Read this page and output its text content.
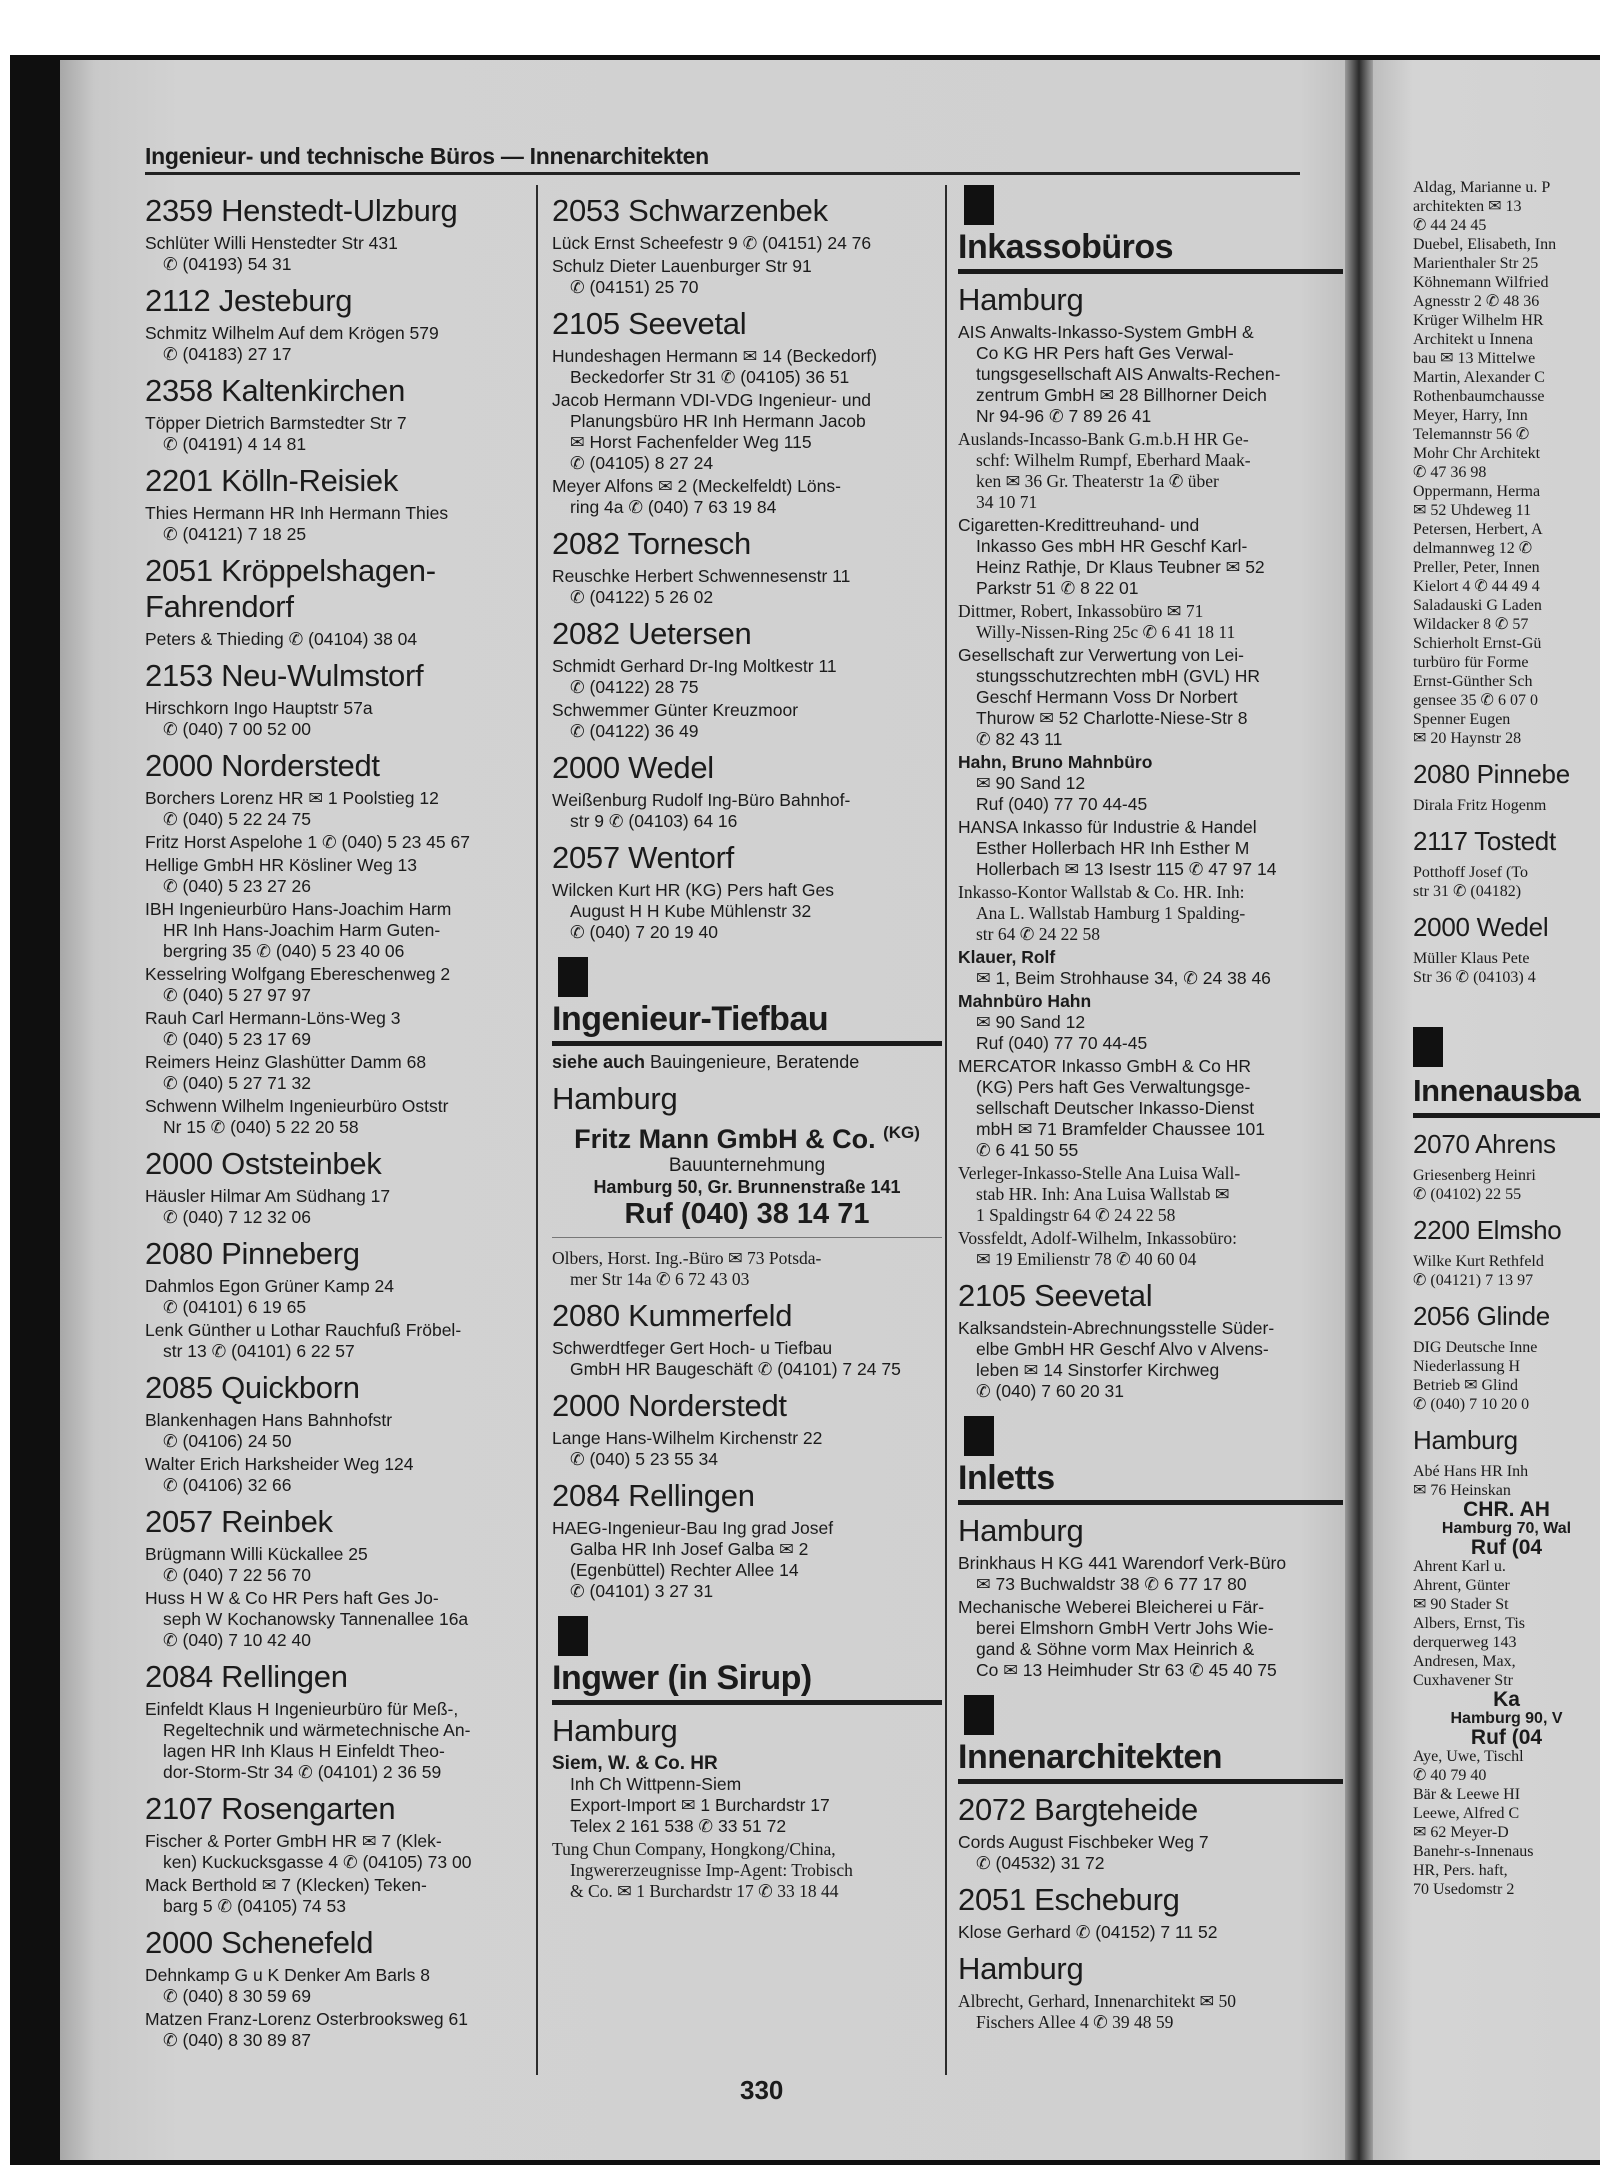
Ingenieur- und technische Büros — Innenarchitekten
2359 Henstedt-Ulzburg
Schlüter Willi Henstedter Str 431
✆ (04193) 54 31
2112 Jesteburg
Schmitz Wilhelm Auf dem Krögen 579
✆ (04183) 27 17
2358 Kaltenkirchen
Töpper Dietrich Barmstedter Str 7
✆ (04191) 4 14 81
2201 Kölln-Reisiek
Thies Hermann HR Inh Hermann Thies
✆ (04121) 7 18 25
2051 Kröppelshagen-Fahrendorf
Peters & Thieding ✆ (04104) 38 04
2153 Neu-Wulmstorf
Hirschkorn Ingo Hauptstr 57a
✆ (040) 7 00 52 00
2000 Norderstedt
Borchers Lorenz HR ✉ 1 Poolstieg 12
✆ (040) 5 22 24 75
Fritz Horst Aspelohe 1 ✆ (040) 5 23 45 67
Hellige GmbH HR Kösliner Weg 13
✆ (040) 5 23 27 26
IBH Ingenieurbüro Hans-Joachim Harm
HR Inh Hans-Joachim Harm Guten-
bergring 35 ✆ (040) 5 23 40 06
Kesselring Wolfgang Ebereschenweg 2
✆ (040) 5 27 97 97
Rauh Carl Hermann-Löns-Weg 3
✆ (040) 5 23 17 69
Reimers Heinz Glashütter Damm 68
✆ (040) 5 27 71 32
Schwenn Wilhelm Ingenieurbüro Oststr
Nr 15 ✆ (040) 5 22 20 58
2000 Oststeinbek
Häusler Hilmar Am Südhang 17
✆ (040) 7 12 32 06
2080 Pinneberg
Dahmlos Egon Grüner Kamp 24
✆ (04101) 6 19 65
Lenk Günther u Lothar Rauchfuß Fröbel-
str 13 ✆ (04101) 6 22 57
2085 Quickborn
Blankenhagen Hans Bahnhofstr
✆ (04106) 24 50
Walter Erich Harksheider Weg 124
✆ (04106) 32 66
2057 Reinbek
Brügmann Willi Kückallee 25
✆ (040) 7 22 56 70
Huss H W & Co HR Pers haft Ges Jo-
seph W Kochanowsky Tannenallee 16a
✆ (040) 7 10 42 40
2084 Rellingen
Einfeldt Klaus H Ingenieurbüro für Meß-,
Regeltechnik und wärmetechnische An-
lagen HR Inh Klaus H Einfeldt Theo-
dor-Storm-Str 34 ✆ (04101) 2 36 59
2107 Rosengarten
Fischer & Porter GmbH HR ✉ 7 (Klek-
ken) Kuckucksgasse 4 ✆ (04105) 73 00
Mack Berthold ✉ 7 (Klecken) Teken-
barg 5 ✆ (04105) 74 53
2000 Schenefeld
Dehnkamp G u K Denker Am Barls 8
✆ (040) 8 30 59 69
Matzen Franz-Lorenz Osterbrooksweg 61
✆ (040) 8 30 89 87
2053 Schwarzenbek
Lück Ernst Scheefestr 9 ✆ (04151) 24 76
Schulz Dieter Lauenburger Str 91
✆ (04151) 25 70
2105 Seevetal
Hundeshagen Hermann ✉ 14 (Beckedorf)
Beckedorfer Str 31 ✆ (04105) 36 51
Jacob Hermann VDI-VDG Ingenieur- und
Planungsbüro HR Inh Hermann Jacob
✉ Horst Fachenfelder Weg 115
✆ (04105) 8 27 24
Meyer Alfons ✉ 2 (Meckelfeldt) Löns-
ring 4a ✆ (040) 7 63 19 84
2082 Tornesch
Reuschke Herbert Schwennesenstr 11
✆ (04122) 5 26 02
2082 Uetersen
Schmidt Gerhard Dr-Ing Moltkestr 11
✆ (04122) 28 75
Schwemmer Günter Kreuzmoor
✆ (04122) 36 49
2000 Wedel
Weißenburg Rudolf Ing-Büro Bahnhof-
str 9 ✆ (04103) 64 16
2057 Wentorf
Wilcken Kurt HR (KG) Pers haft Ges
August H H Kube Mühlenstr 32
✆ (040) 7 20 19 40
Ingenieur-Tiefbau
siehe auch Bauingenieure, Beratende
Hamburg
Fritz Mann GmbH & Co. $^{(KG)}$
Bauunternehmung
Hamburg 50, Gr. Brunnenstraße 141
Ruf (040) 38 14 71
Olbers, Horst. Ing.-Büro ✉ 73 Potsda-
mer Str 14a ✆ 6 72 43 03
2080 Kummerfeld
Schwerdtfeger Gert Hoch- u Tiefbau
GmbH HR Baugeschäft ✆ (04101) 7 24 75
2000 Norderstedt
Lange Hans-Wilhelm Kirchenstr 22
✆ (040) 5 23 55 34
2084 Rellingen
HAEG-Ingenieur-Bau Ing grad Josef
Galba HR Inh Josef Galba ✉ 2
(Egenbüttel) Rechter Allee 14
✆ (04101) 3 27 31
Ingwer (in Sirup)
Hamburg
Siem, W. & Co. HR
Inh Ch Wittpenn-Siem
Export-Import ✉ 1 Burchardstr 17
Telex 2 161 538 ✆ 33 51 72
Tung Chun Company, Hongkong/China,
Ingwererzeugnisse Imp-Agent: Trobisch
& Co. ✉ 1 Burchardstr 17 ✆ 33 18 44
Inkassobüros
Hamburg
AIS Anwalts-Inkasso-System GmbH &
Co KG HR Pers haft Ges Verwal-
tungsgesellschaft AIS Anwalts-Rechen-
zentrum GmbH ✉ 28 Billhorner Deich
Nr 94-96 ✆ 7 89 26 41
Auslands-Incasso-Bank G.m.b.H HR Ge-
schf: Wilhelm Rumpf, Eberhard Maak-
ken ✉ 36 Gr. Theaterstr 1a ✆ über
34 10 71
Cigaretten-Kredittreuhand- und
Inkasso Ges mbH HR Geschf Karl-
Heinz Rathje, Dr Klaus Teubner ✉ 52
Parkstr 51 ✆ 8 22 01
Dittmer, Robert, Inkassobüro ✉ 71
Willy-Nissen-Ring 25c ✆ 6 41 18 11
Gesellschaft zur Verwertung von Lei-
stungsschutzrechten mbH (GVL) HR
Geschf Hermann Voss Dr Norbert
Thurow ✉ 52 Charlotte-Niese-Str 8
✆ 82 43 11
Hahn, Bruno Mahnbüro
✉ 90 Sand 12
Ruf (040) 77 70 44-45
HANSA Inkasso für Industrie & Handel
Esther Hollerbach HR Inh Esther M
Hollerbach ✉ 13 Isestr 115 ✆ 47 97 14
Inkasso-Kontor Wallstab & Co. HR. Inh:
Ana L. Wallstab Hamburg 1 Spalding-
str 64 ✆ 24 22 58
Klauer, Rolf
✉ 1, Beim Strohhause 34, ✆ 24 38 46
Mahnbüro Hahn
✉ 90 Sand 12
Ruf (040) 77 70 44-45
MERCATOR Inkasso GmbH & Co HR
(KG) Pers haft Ges Verwaltungsge-
sellschaft Deutscher Inkasso-Dienst
mbH ✉ 71 Bramfelder Chaussee 101
✆ 6 41 50 55
Verleger-Inkasso-Stelle Ana Luisa Wall-
stab HR. Inh: Ana Luisa Wallstab ✉
1 Spaldingstr 64 ✆ 24 22 58
Vossfeldt, Adolf-Wilhelm, Inkassobüro:
✉ 19 Emilienstr 78 ✆ 40 60 04
2105 Seevetal
Kalksandstein-Abrechnungsstelle Süder-
elbe GmbH HR Geschf Alvo v Alvens-
leben ✉ 14 Sinstorfer Kirchweg
✆ (040) 7 60 20 31
Inletts
Hamburg
Brinkhaus H KG 441 Warendorf Verk-Büro
✉ 73 Buchwaldstr 38 ✆ 6 77 17 80
Mechanische Weberei Bleicherei u Fär-
berei Elmshorn GmbH Vertr Johs Wie-
gand & Söhne vorm Max Heinrich &
Co ✉ 13 Heimhuder Str 63 ✆ 45 40 75
Innenarchitekten
2072 Bargteheide
Cords August Fischbeker Weg 7
✆ (04532) 31 72
2051 Escheburg
Klose Gerhard ✆ (04152) 7 11 52
Hamburg
Albrecht, Gerhard, Innenarchitekt ✉ 50
Fischers Allee 4 ✆ 39 48 59
330
Aldag, Marianne u. P
architekten ✉ 13
✆ 44 24 45
Duebel, Elisabeth, Inn
Marienthaler Str 25
Köhnemann Wilfried
Agnesstr 2 ✆ 48 36
Krüger Wilhelm HR
Architekt u Innena
bau ✉ 13 Mittelwe
Martin, Alexander C
Rothenbaumchausse
Meyer, Harry, Inn
Telemannstr 56 ✆
Mohr Chr Architekt
✆ 47 36 98
Oppermann, Herma
✉ 52 Uhdeweg 11
Petersen, Herbert, A
delmannweg 12 ✆
Preller, Peter, Innen
Kielort 4 ✆ 44 49 4
Saladauski G Laden
Wildacker 8 ✆ 57
Schierholt Ernst-Gü
turbüro für Forme
Ernst-Günther Sch
gensee 35 ✆ 6 07 0
Spenner Eugen
✉ 20 Haynstr 28
2080 Pinnebe
Dirala Fritz Hogenm
2117 Tostedt
Potthoff Josef (To
str 31 ✆ (04182)
2000 Wedel
Müller Klaus Pete
Str 36 ✆ (04103) 4
Innenausba
2070 Ahrens
Griesenberg Heinri
✆ (04102) 22 55
2200 Elmsho
Wilke Kurt Rethfeld
✆ (04121) 7 13 97
2056 Glinde
DIG Deutsche Inne
Niederlassung H
Betrieb ✉ Glind
✆ (040) 7 10 20 0
Hamburg
Abé Hans HR Inh
✉ 76 Heinskan
CHR. AH
Hamburg 70, Wal
Ruf (04
Ahrent Karl u.
Ahrent, Günter
✉ 90 Stader St
Albers, Ernst, Tis
derquerweg 143
Andresen, Max,
Cuxhavener Str
Ka
Hamburg 90, V
Ruf (04
Aye, Uwe, Tischl
✆ 40 79 40
Bär & Leewe HI
Leewe, Alfred C
✉ 62 Meyer-D
Banehr-s-Innenaus
HR, Pers. haft,
70 Usedomstr 2
